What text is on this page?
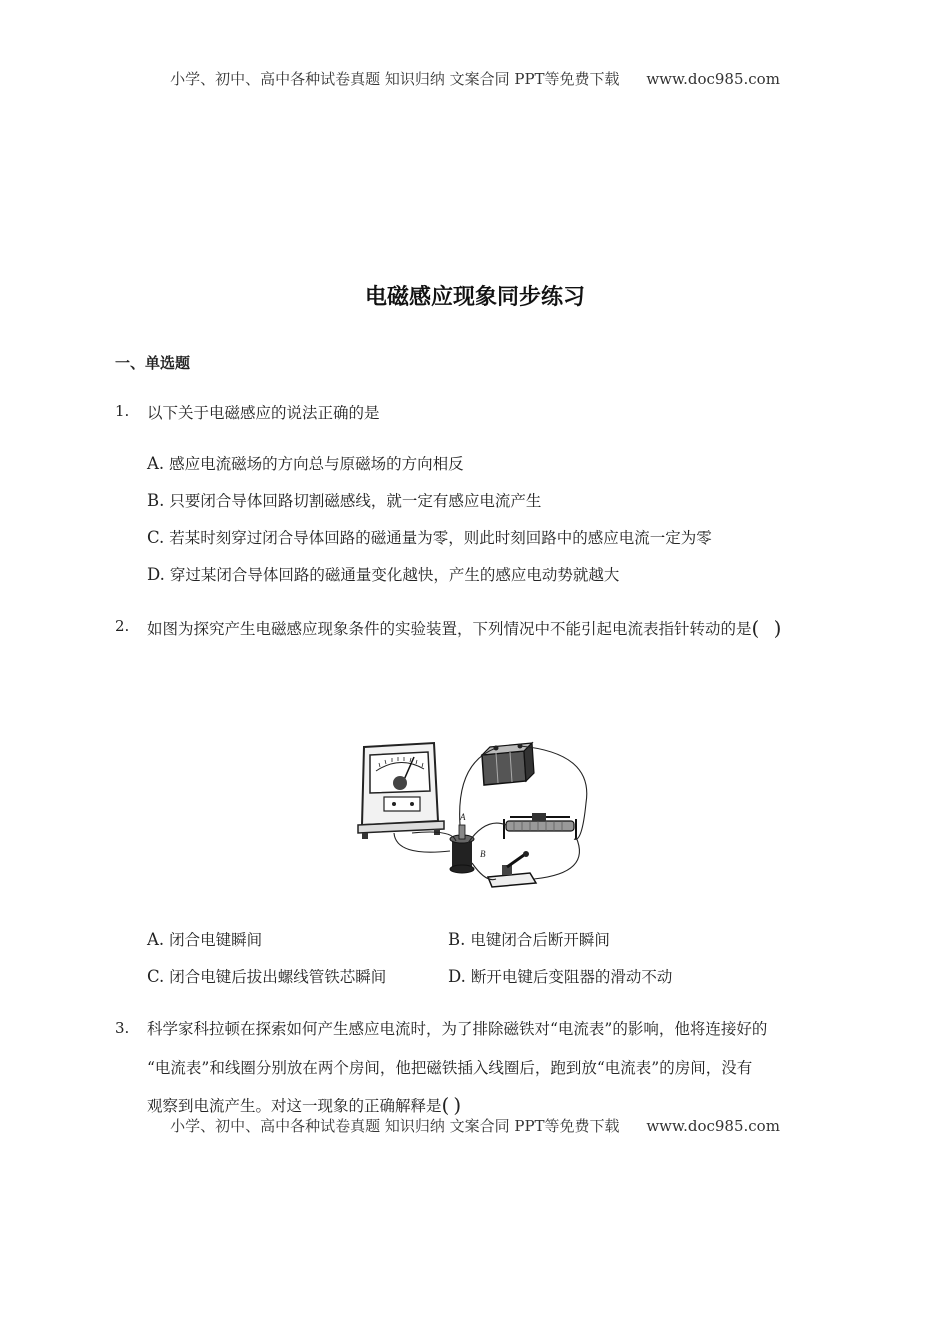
小学、初中、高中各种试卷真题 知识归纳 文案合同 PPT等免费下载 www.doc985.com
电磁感应现象同步练习
一、单选题
1. 以下关于电磁感应的说法正确的是
A. 感应电流磁场的方向总与原磁场的方向相反
B. 只要闭合导体回路切割磁感线，就一定有感应电流产生
C. 若某时刻穿过闭合导体回路的磁通量为零，则此时刻回路中的感应电流一定为零
D. 穿过某闭合导体回路的磁通量变化越快，产生的感应电动势就越大
2. 如图为探究产生电磁感应现象条件的实验装置，下列情况中不能引起电流表指针转动的是( )
A
B
A. 闭合电键瞬间	B. 电键闭合后断开瞬间
C. 闭合电键后拔出螺线管铁芯瞬间	D. 断开电键后变阻器的滑动不动
3. 科学家科拉顿在探索如何产生感应电流时，为了排除磁铁对“电流表”的影响，他将连接好的
“电流表”和线圈分别放在两个房间，他把磁铁插入线圈后，跑到放“电流表”的房间，没有
观察到电流产生。对这一现象的正确解释是()
小学、初中、高中各种试卷真题 知识归纳 文案合同 PPT等免费下载 www.doc985.com
